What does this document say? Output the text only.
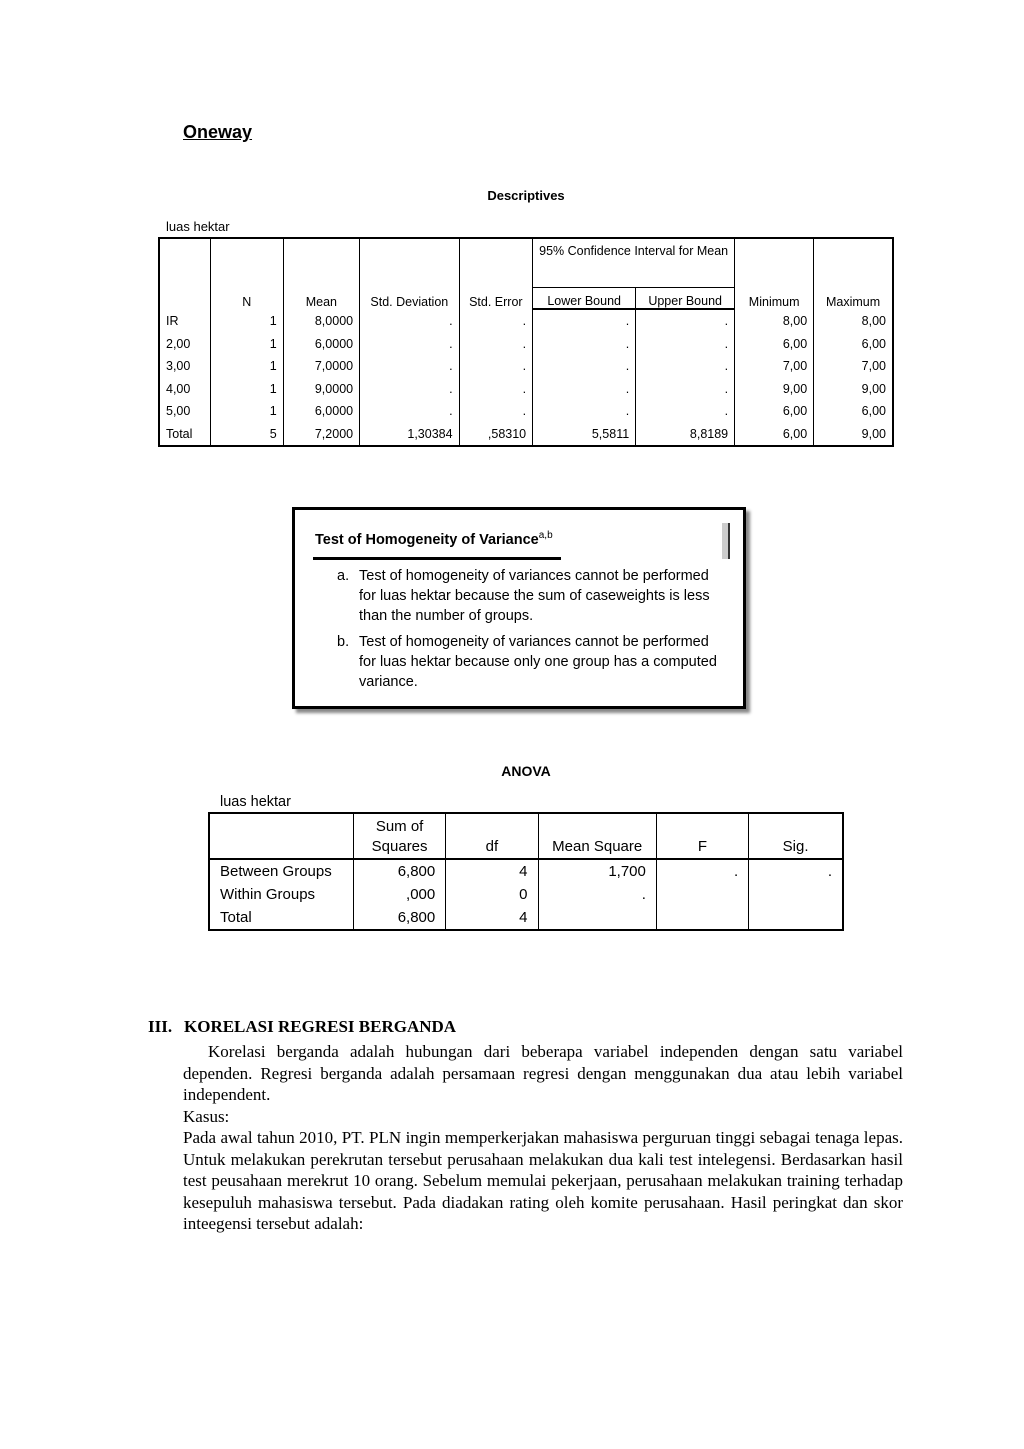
Oneway
Descriptives
luas hektar
	N	Mean	Std. Deviation	Std. Error	95% Confidence Interval for Mean		Minimum	Maximum
					Lower Bound	Upper Bound		
IR	1	8,0000	.	.	.	.	8,00	8,00
2,00	1	6,0000	.	.	.	.	6,00	6,00
3,00	1	7,0000	.	.	.	.	7,00	7,00
4,00	1	9,0000	.	.	.	.	9,00	9,00
5,00	1	6,0000	.	.	.	.	6,00	6,00
Total	5	7,2000	1,30384	,58310	5,5811	8,8189	6,00	9,00
Test of Homogeneity of Variance$^{a,b}$
a. Test of homogeneity of variances cannot be performed for luas hektar because the sum of caseweights is less than the number of groups.
b. Test of homogeneity of variances cannot be performed for luas hektar because only one group has a computed variance.
ANOVA
luas hektar
	Sum of
Squares	df	Mean Square	F	Sig.
Between Groups	6,800	4	1,700	.	.
Within Groups	,000	0	.		
Total	6,800	4			
III. KORELASI REGRESI BERGANDA
Korelasi berganda adalah hubungan dari beberapa variabel independen dengan satu variabel dependen. Regresi berganda adalah persamaan regresi dengan menggunakan dua atau lebih variabel independent.
Kasus:
Pada awal tahun 2010, PT. PLN ingin memperkerjakan mahasiswa perguruan tinggi sebagai tenaga lepas. Untuk melakukan perekrutan tersebut perusahaan melakukan dua kali test intelegensi. Berdasarkan hasil test peusahaan merekrut 10 orang. Sebelum memulai pekerjaan, perusahaan melakukan training terhadap kesepuluh mahasiswa tersebut. Pada diadakan rating oleh komite perusahaan. Hasil peringkat dan skor inteegensi tersebut adalah:
